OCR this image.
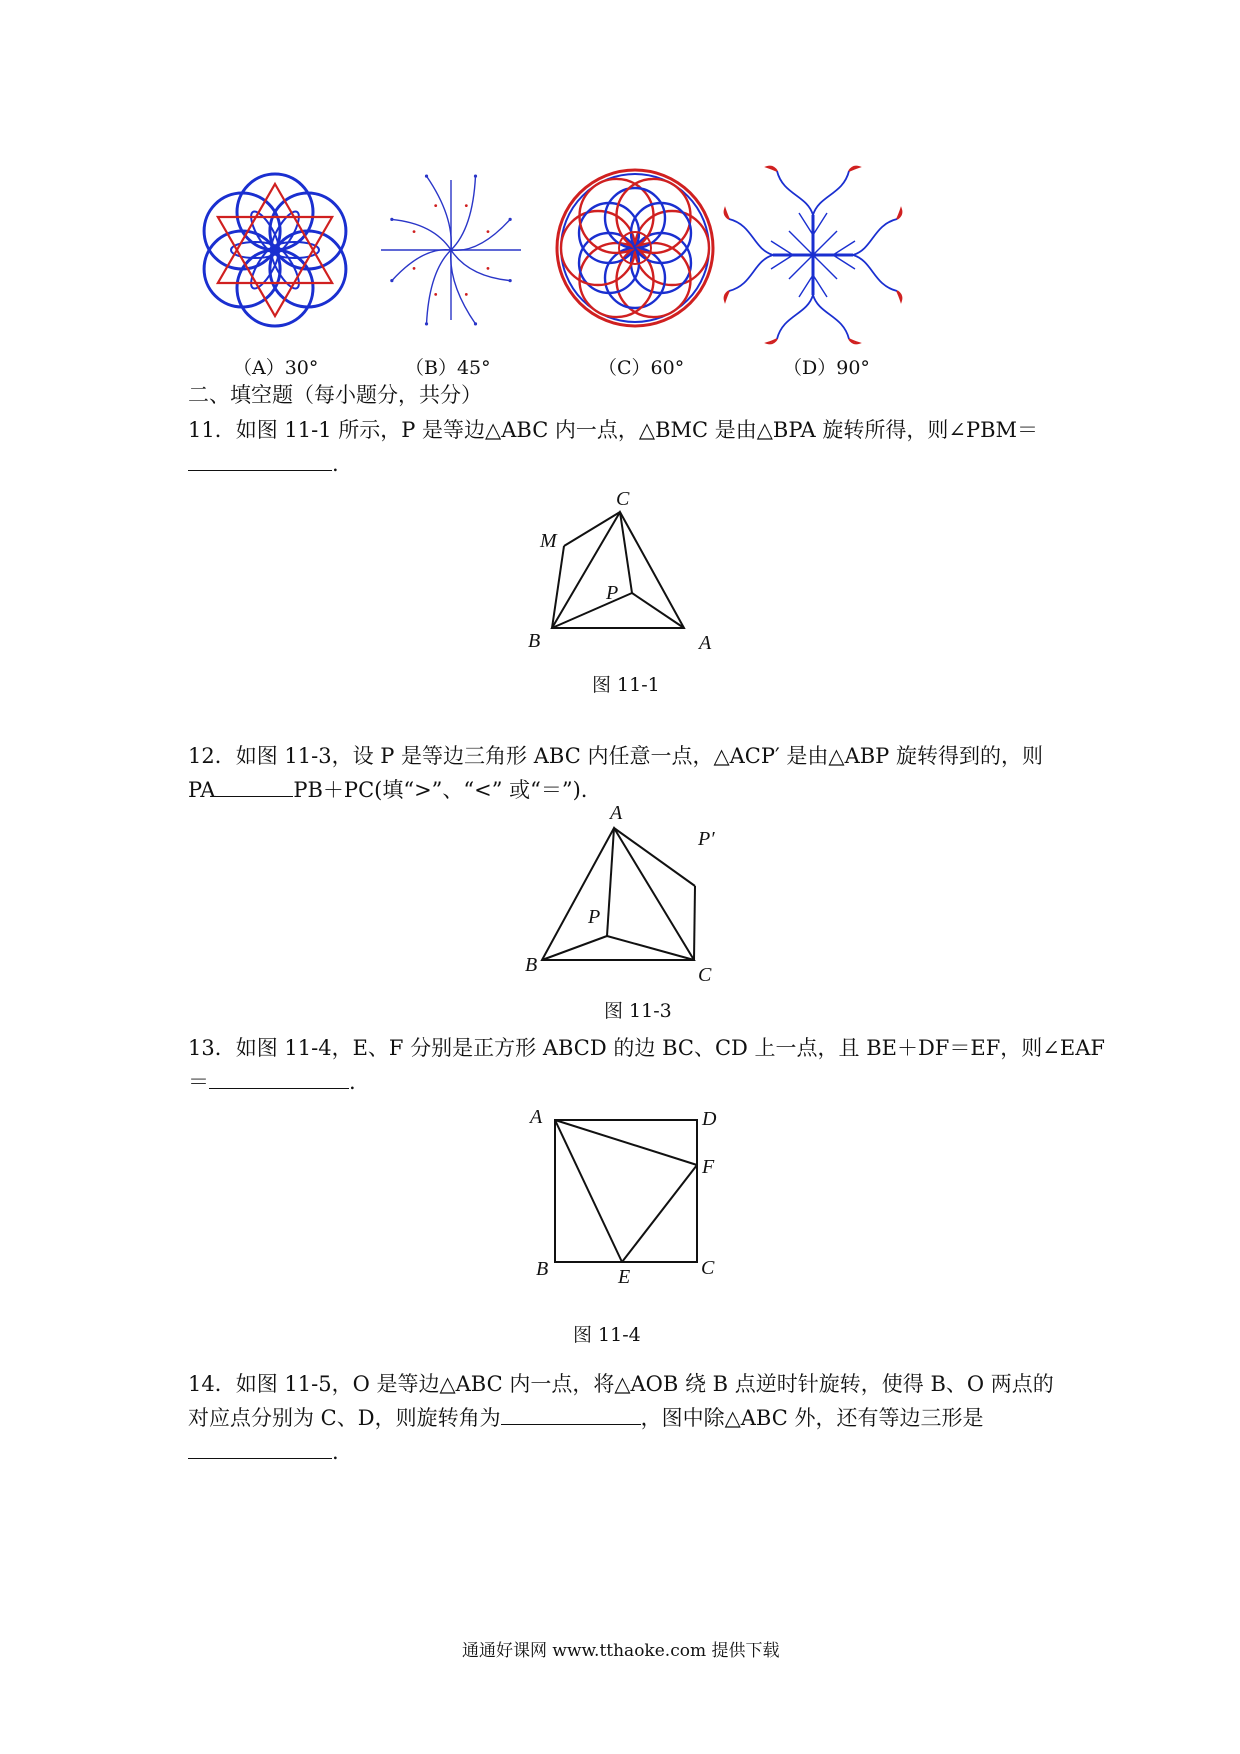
（A）30°	（B）45°	（C）60°	（D）90°
二、填空题（每小题分，共分）
11．如图 11-1 所示，P 是等边△ABC 内一点，△BMC 是由△BPA 旋转所得，则∠PBM＝
.
C
M
P
B	A
图 11-1
12．如图 11-3，设 P 是等边三角形 ABC 内任意一点，△ACP′ 是由△ABP 旋转得到的，则
PA	PB＋PC(填“>”、“<” 或“＝”).
A
P′
P
B	C
图 11-3
13．如图 11-4，E、F 分别是正方形 ABCD 的边 BC、CD 上一点，且 BE＋DF＝EF，则∠EAF
＝	.
A	D
F
B	E	C
图 11-4
14．如图 11-5，O 是等边△ABC 内一点，将△AOB 绕 B 点逆时针旋转，使得 B、O 两点的
对应点分别为 C、D，则旋转角为	，图中除△ABC 外，还有等边三形是
.
通通好课网 www.tthaoke.com 提供下载
